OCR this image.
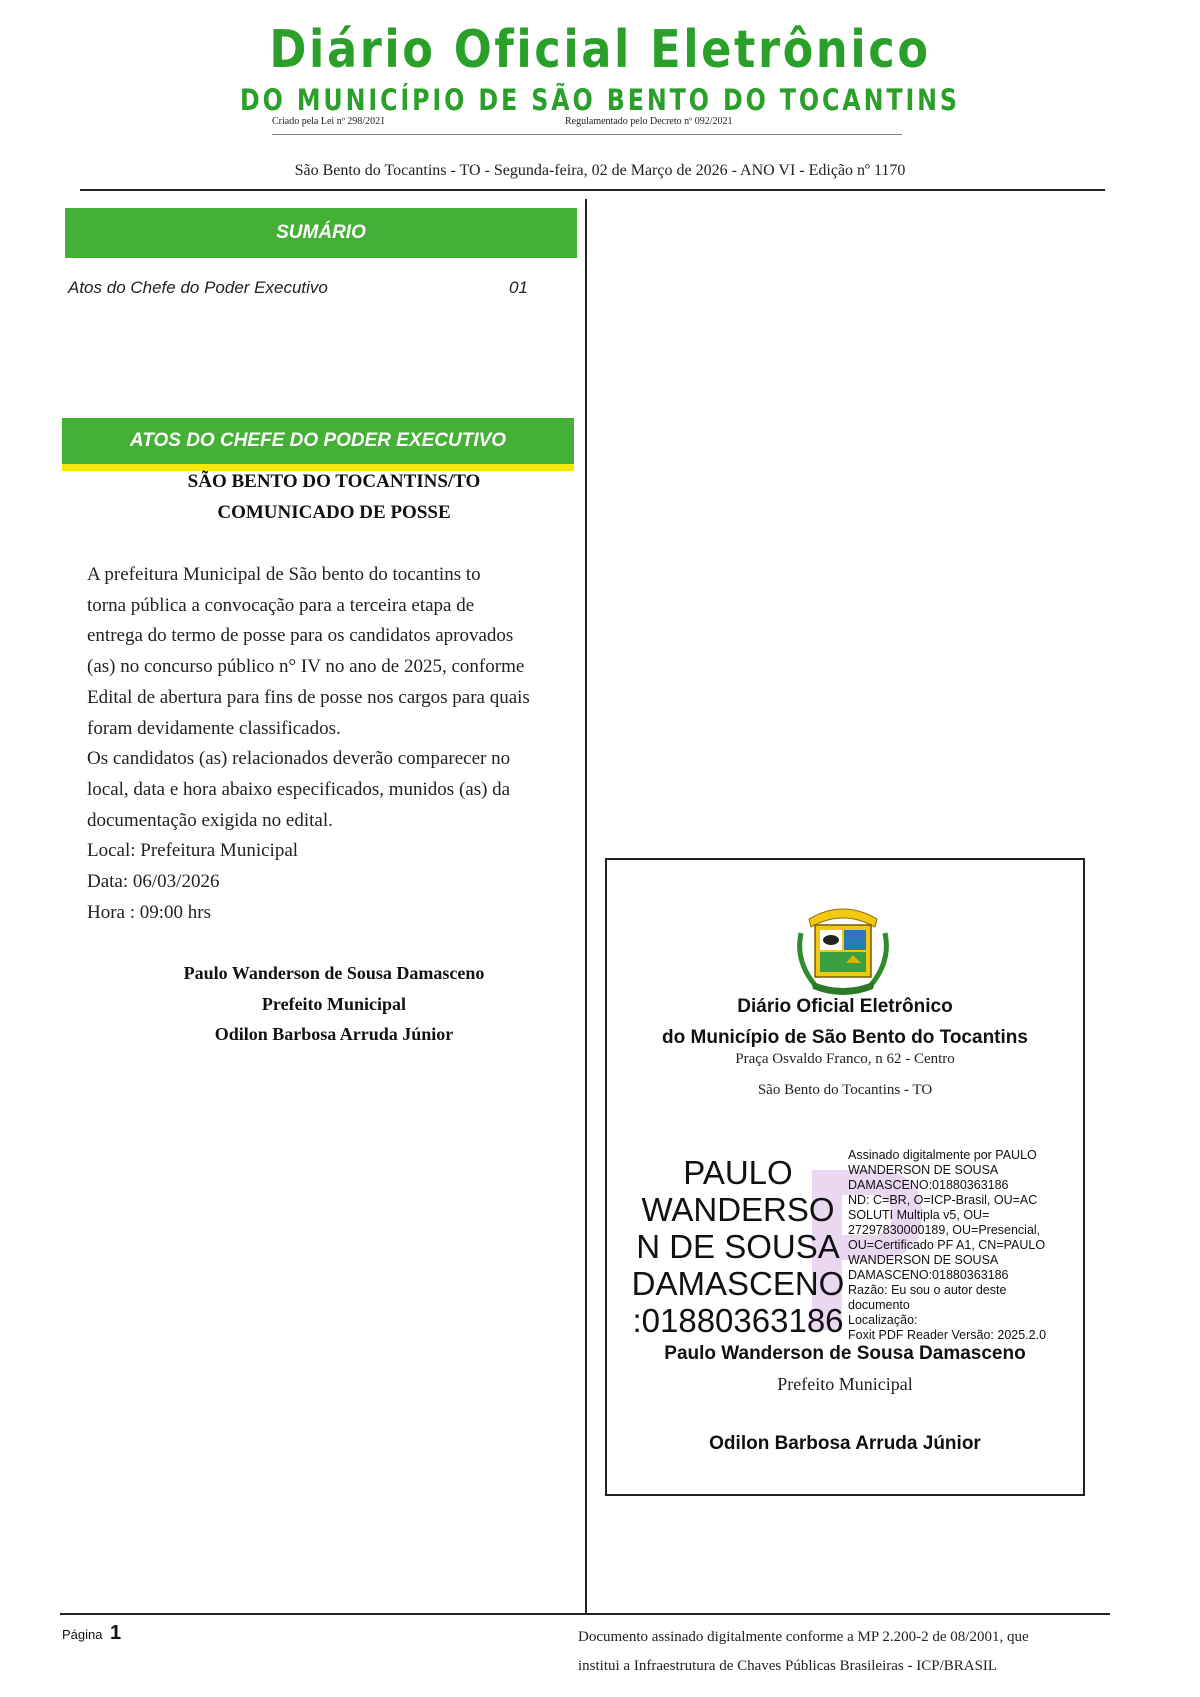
Diário Oficial Eletrônico
DO MUNICÍPIO DE SÃO BENTO DO TOCANTINS
Criado pela Lei nº 298/2021	Regulamentado pelo Decreto nº 092/2021
São Bento do Tocantins - TO - Segunda-feira, 02 de Março de 2026 - ANO VI - Edição nº 1170
SUMÁRIO
Atos do Chefe do Poder Executivo	01
ATOS DO CHEFE DO PODER EXECUTIVO
SÃO BENTO DO TOCANTINS/TO
COMUNICADO DE POSSE
A prefeitura Municipal de São bento do tocantins to
torna pública a convocação para a terceira etapa de
entrega do termo de posse para os candidatos aprovados
(as) no concurso público n° IV no ano de 2025, conforme
Edital de abertura para fins de posse nos cargos para quais
foram devidamente classificados.
Os candidatos (as) relacionados deverão comparecer no
local, data e hora abaixo especificados, munidos (as) da
documentação exigida no edital.
Local: Prefeitura Municipal
Data: 06/03/2026
Hora : 09:00 hrs
Paulo Wanderson de Sousa Damasceno
Prefeito Municipal
Odilon Barbosa Arruda Júnior
Diário Oficial Eletrônico
do Município de São Bento do Tocantins
Praça Osvaldo Franco, n 62 - Centro
São Bento do Tocantins - TO
PAULO
WANDERSO
N DE SOUSA
DAMASCENO
:01880363186
Assinado digitalmente por PAULO
WANDERSON DE SOUSA
DAMASCENO:01880363186
ND: C=BR, O=ICP-Brasil, OU=AC
SOLUTI Multipla v5, OU=
27297830000189, OU=Presencial,
OU=Certificado PF A1, CN=PAULO
WANDERSON DE SOUSA
DAMASCENO:01880363186
Razão: Eu sou o autor deste
documento
Localização:
Foxit PDF Reader Versão: 2025.2.0
Paulo Wanderson de Sousa Damasceno
Prefeito Municipal
Odilon Barbosa Arruda Júnior
Página 1	Documento assinado digitalmente conforme a MP 2.200-2 de 08/2001, que
institui a Infraestrutura de Chaves Públicas Brasileiras - ICP/BRASIL
